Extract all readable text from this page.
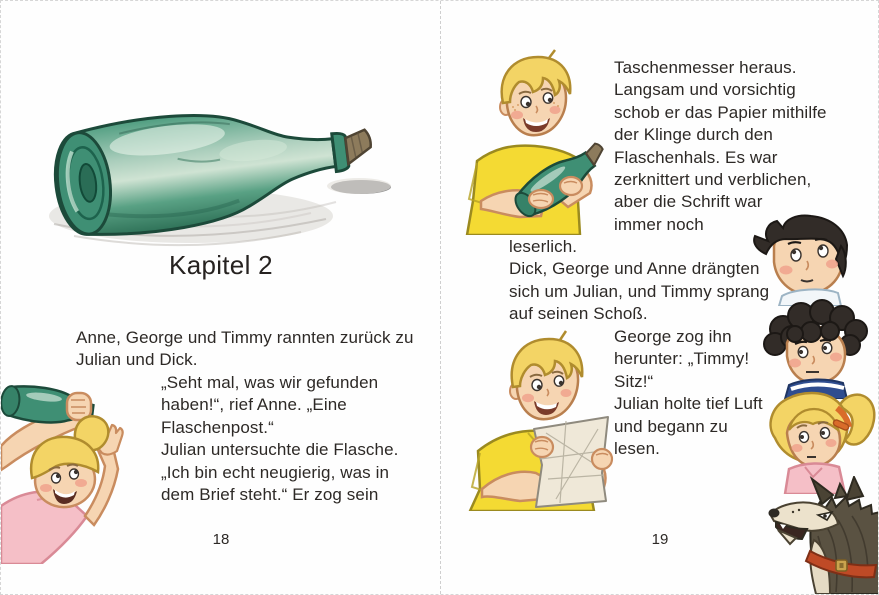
Kapitel 2
Anne, George und Timmy rannten zurück zu
Julian und Dick.
„Seht mal, was wir gefunden
haben!“, rief Anne. „Eine
Flaschenpost.“
Julian untersuchte die Flasche.
„Ich bin echt neugierig, was in
dem Brief steht.“ Er zog sein
18
Taschenmesser heraus.
Langsam und vorsichtig
schob er das Papier mithilfe
der Klinge durch den
Flaschenhals. Es war
zerknittert und verblichen,
aber die Schrift war
immer noch
leserlich.
Dick, George und Anne drängten
sich um Julian, und Timmy sprang
auf seinen Schoß.
George zog ihn
herunter: „Timmy!
Sitz!“
Julian holte tief Luft
und begann zu
lesen.
19
